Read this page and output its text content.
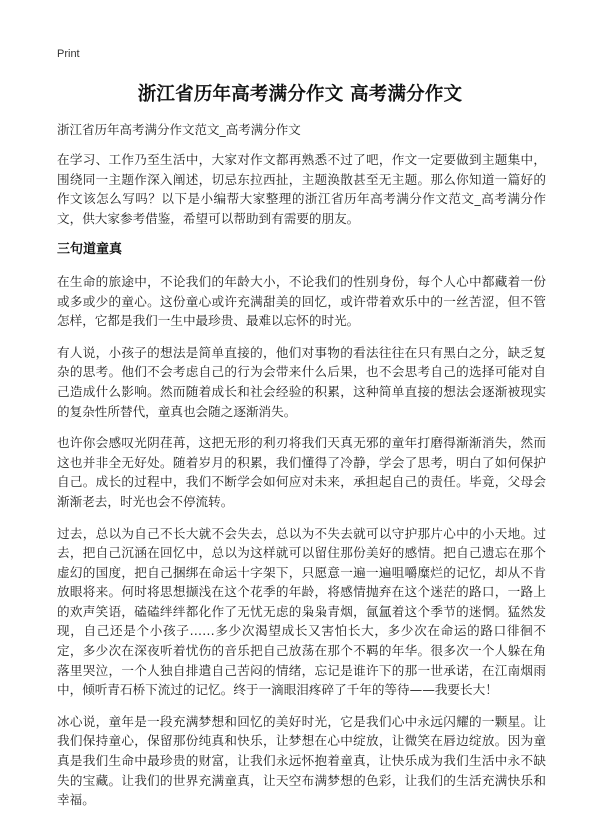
Print
浙江省历年高考满分作文 高考满分作文
浙江省历年高考满分作文范文_高考满分作文

在学习、工作乃至生活中，大家对作文都再熟悉不过了吧，作文一定要做到主题集中，围绕同一主题作深入阐述，切忌东拉西扯，主题涣散甚至无主题。那么你知道一篇好的作文该怎么写吗？以下是小编帮大家整理的浙江省历年高考满分作文范文_高考满分作文，供大家参考借鉴，希望可以帮助到有需要的朋友。

三句道童真

在生命的旅途中，不论我们的年龄大小，不论我们的性别身份，每个人心中都藏着一份或多或少的童心。这份童心或许充满甜美的回忆，或许带着欢乐中的一丝苦涩，但不管怎样，它都是我们一生中最珍贵、最难以忘怀的时光。

有人说，小孩子的想法是简单直接的，他们对事物的看法往往在只有黑白之分，缺乏复杂的思考。他们不会考虑自己的行为会带来什么后果，也不会思考自己的选择可能对自己造成什么影响。然而随着成长和社会经验的积累，这种简单直接的想法会逐渐被现实的复杂性所替代，童真也会随之逐渐消失。

也许你会感叹光阴荏苒，这把无形的利刃将我们天真无邪的童年打磨得渐渐消失，然而这也并非全无好处。随着岁月的积累，我们懂得了冷静，学会了思考，明白了如何保护自己。成长的过程中，我们不断学会如何应对未来，承担起自己的责任。毕竟，父母会渐渐老去，时光也会不停流转。

过去，总以为自己不长大就不会失去，总以为不失去就可以守护那片心中的小天地。过去，把自己沉涵在回忆中，总以为这样就可以留住那份美好的感情。把自己遗忘在那个虚幻的国度，把自己捆绑在命运十字架下，只愿意一遍一遍咀嚼糜烂的记忆，却从不肯放眼将来。何时将思想撷浅在这个花季的年龄，将感情抛弃在这个迷茫的路口，一路上的欢声笑语，磕磕绊绊都化作了无忧无虑的枭枭青烟，氤氲着这个季节的迷惘。猛然发现，自己还是个小孩子……多少次渴望成长又害怕长大，多少次在命运的路口徘徊不定，多少次在深夜听着忧伤的音乐把自己放荡在那个不羁的年华。很多次一个人躲在角落里哭泣，一个人独自排遣自己苦闷的情绪，忘记是谁许下的那一世承诺，在江南烟雨中，倾听青石桥下流过的记忆。终于一滴眼泪疼碎了千年的等待——我要长大！

冰心说，童年是一段充满梦想和回忆的美好时光，它是我们心中永远闪耀的一颗星。让我们保持童心，保留那份纯真和快乐，让梦想在心中绽放，让微笑在唇边绽放。因为童真是我们生命中最珍贵的财富，让我们永远怀抱着童真，让快乐成为我们生活中永不缺失的宝藏。让我们的世界充满童真，让天空布满梦想的色彩，让我们的生活充满快乐和幸福。
